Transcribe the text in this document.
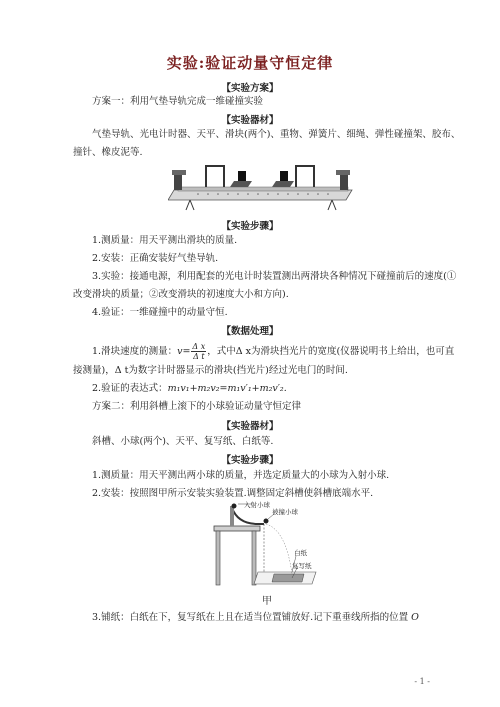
实验:验证动量守恒定律
【实验方案】
方案一：利用气垫导轨完成一维碰撞实验
【实验器材】
气垫导轨、光电计时器、天平、滑块(两个)、重物、弹簧片、细绳、弹性碰撞架、胶布、
撞针、橡皮泥等.
【实验步骤】
1.测质量：用天平测出滑块的质量.
2.安装：正确安装好气垫导轨.
3.实验：接通电源，利用配套的光电计时装置测出两滑块各种情况下碰撞前后的速度(①
改变滑块的质量；②改变滑块的初速度大小和方向).
4.验证：一维碰撞中的动量守恒.
【数据处理】
1.滑块速度的测量：$v= \frac{\text{Δ x}}{\text{Δ t}}$ ，式中Δ x为滑块挡光片的宽度(仪器说明书上给出，也可直
接测量)，Δ t为数字计时器显示的滑块(挡光片)经过光电门的时间.
2.验证的表达式：m₁v₁+m₂v₂=m₁v′₁+m₂v′₂.
方案二：利用斜槽上滚下的小球验证动量守恒定律
【实验器材】
斜槽、小球(两个)、天平、复写纸、白纸等.
【实验步骤】
1.测质量：用天平测出两小球的质量，并选定质量大的小球为入射小球.
2.安装：按照图甲所示安装实验装置.调整固定斜槽使斜槽底端水平.
入射小球
被撞小球
白纸
复写纸
甲
3.铺纸：白纸在下，复写纸在上且在适当位置铺放好.记下重垂线所指的位置 O
- 1 -
